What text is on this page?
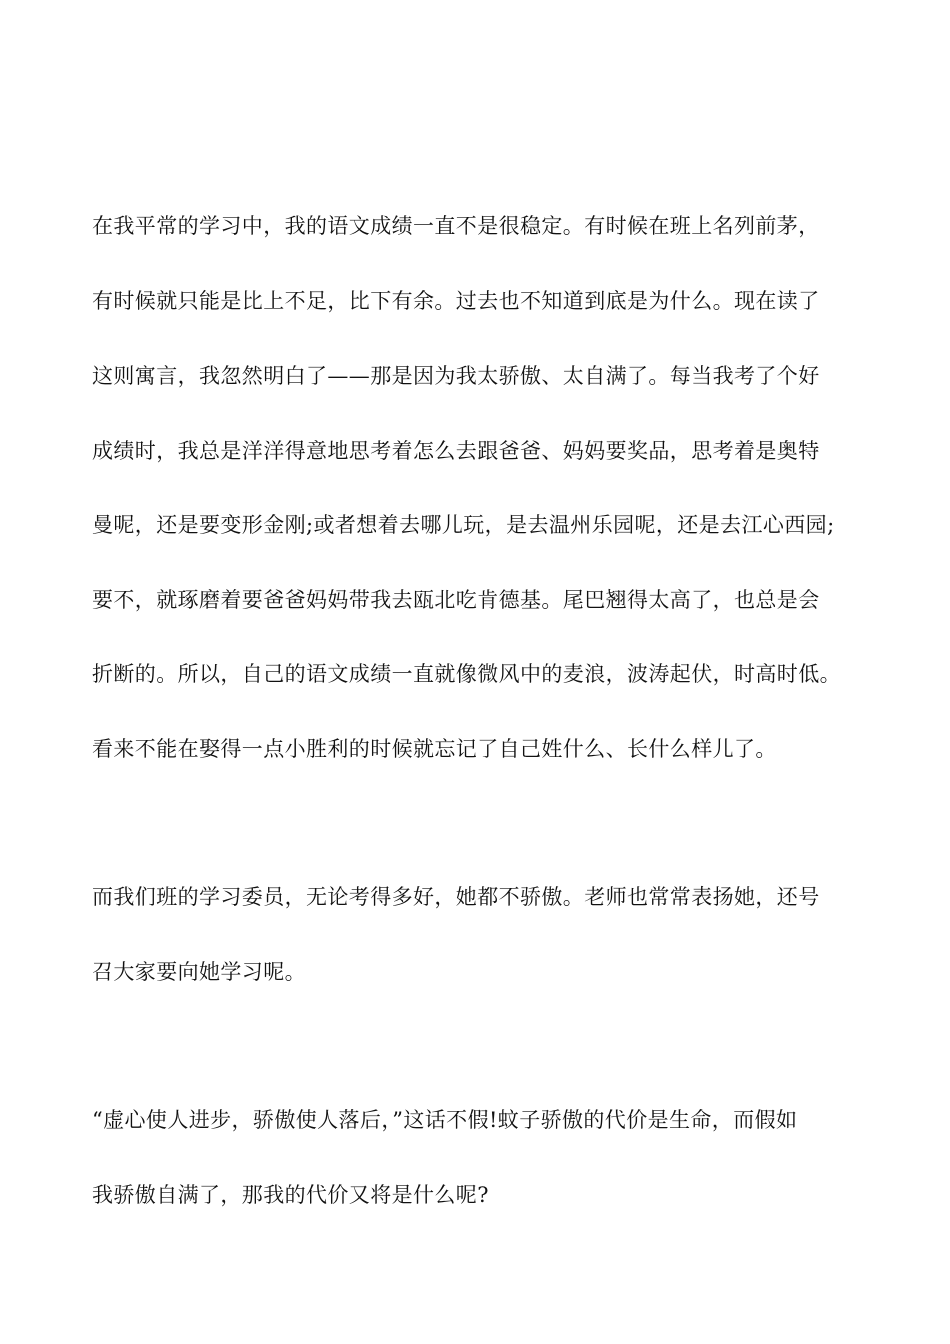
在我平常的学习中，我的语文成绩一直不是很稳定。有时候在班上名列前茅，

有时候就只能是比上不足，比下有余。过去也不知道到底是为什么。现在读了

这则寓言，我忽然明白了——那是因为我太骄傲、太自满了。每当我考了个好

成绩时，我总是洋洋得意地思考着怎么去跟爸爸、妈妈要奖品，思考着是奥特

曼呢，还是要变形金刚;或者想着去哪儿玩，是去温州乐园呢，还是去江心西园;

要不，就琢磨着要爸爸妈妈带我去瓯北吃肯德基。尾巴翘得太高了，也总是会

折断的。所以，自己的语文成绩一直就像微风中的麦浪，波涛起伏，时高时低。

看来不能在娶得一点小胜利的时候就忘记了自己姓什么、长什么样儿了。

而我们班的学习委员，无论考得多好，她都不骄傲。老师也常常表扬她，还号

召大家要向她学习呢。

“虚心使人进步，骄傲使人落后，”这话不假!蚊子骄傲的代价是生命，而假如

我骄傲自满了，那我的代价又将是什么呢?
